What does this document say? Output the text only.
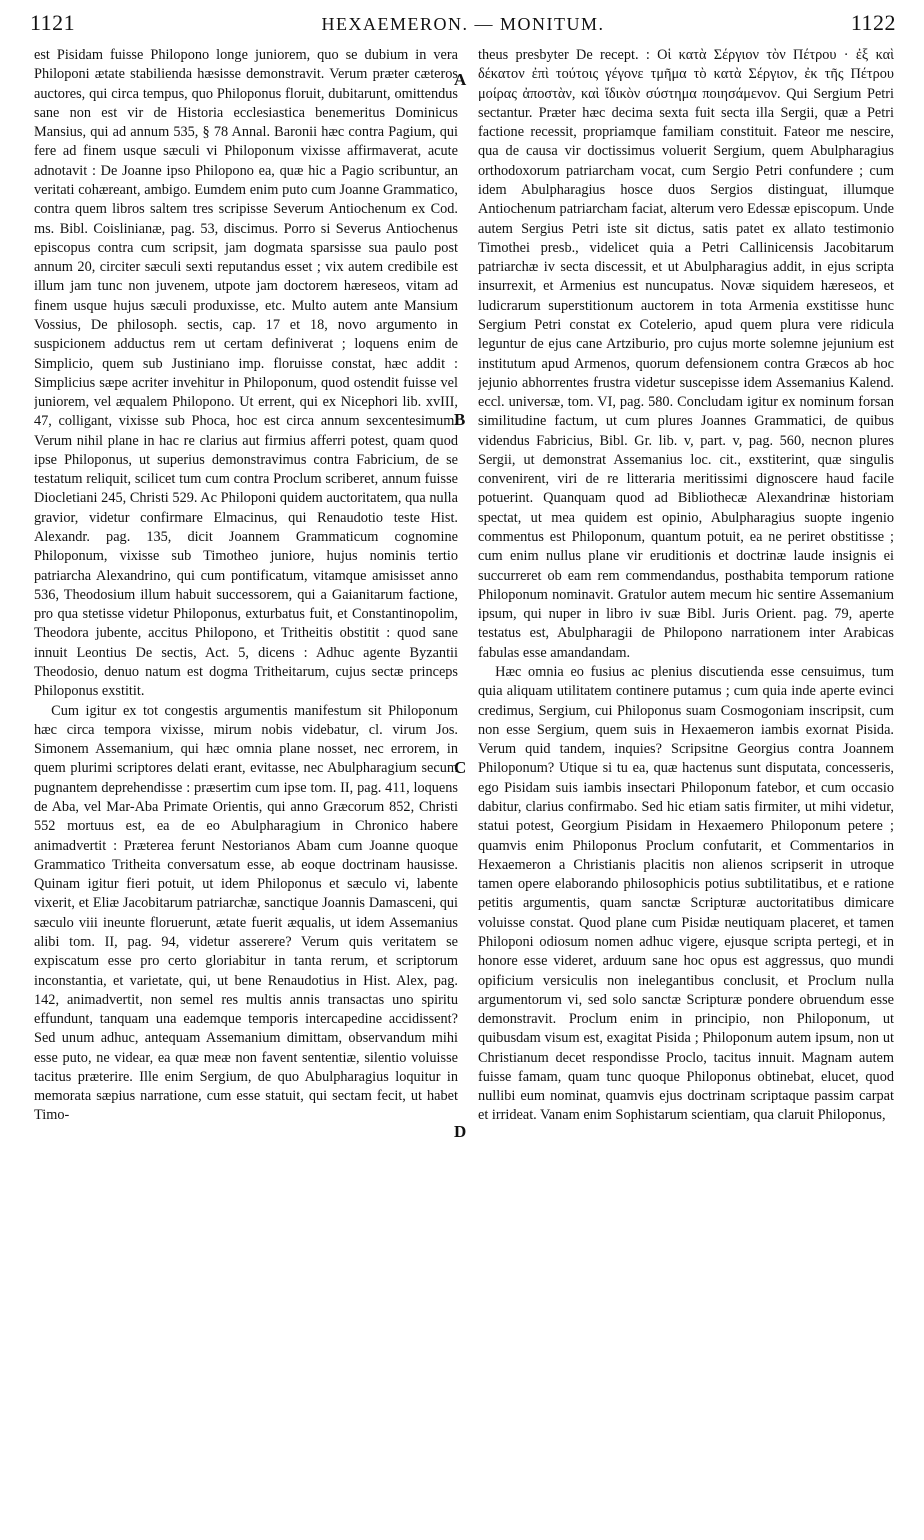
1121	HEXAEMERON. — MONITUM.	1122

est Pisidam fuisse Philopono longe juniorem, quo se dubium in vera Philoponi ætate stabilienda hæsisse demonstravit. Verum præter cæteros auctores, qui circa tempus, quo Philoponus floruit, dubitarunt, omittendus sane non est vir de Historia ecclesiastica benemeritus Dominicus Mansius, qui ad annum 535, § 78 Annal. Baronii hæc contra Pagium, qui fere ad finem usque sæculi vi Philoponum vixisse affirmaverat, acute adnotavit : De Joanne ipso Philopono ea, quæ hic a Pagio scribuntur, an veritati cohæreant, ambigo. Eumdem enim puto cum Joanne Grammatico, contra quem libros saltem tres scripisse Severum Antiochenum ex Cod. ms. Bibl. Coislinianæ, pag. 53, discimus. Porro si Severus Antiochenus episcopus contra cum scripsit, jam dogmata sparsisse sua paulo post annum 20, circiter sæculi sexti reputandus esset ; vix autem credibile est illum jam tunc non juvenem, utpote jam doctorem hæreseos, vitam ad finem usque hujus sæculi produxisse, etc. Multo autem ante Mansium Vossius, De philosoph. sectis, cap. 17 et 18, novo argumento in suspicionem adductus rem ut certam definiverat ; loquens enim de Simplicio, quem sub Justiniano imp. floruisse constat, hæc addit : Simplicius sæpe acriter invehitur in Philoponum, quod ostendit fuisse vel juniorem, vel æqualem Philopono. Ut errent, qui ex Nicephori lib. xvIII, 47, colligant, vixisse sub Phoca, hoc est circa annum sexcentesimum. Verum nihil plane in hac re clarius aut firmius afferri potest, quam quod ipse Philoponus, ut superius demonstravimus contra Fabricium, de se testatum reliquit, scilicet tum cum contra Proclum scriberet, annum fuisse Diocletiani 245, Christi 529. Ac Philoponi quidem auctoritatem, qua nulla gravior, videtur confirmare Elmacinus, qui Renaudotio teste Hist. Alexandr. pag. 135, dicit Joannem Grammaticum cognomine Philoponum, vixisse sub Timotheo juniore, hujus nominis tertio patriarcha Alexandrino, qui cum pontificatum, vitamque amisisset anno 536, Theodosium illum habuit successorem, qui a Gaianitarum factione, pro qua stetisse videtur Philoponus, exturbatus fuit, et Constantinopolim, Theodora jubente, accitus Philopono, et Tritheitis obstitit : quod sane innuit Leontius De sectis, Act. 5, dicens : Adhuc agente Byzantii Theodosio, denuo natum est dogma Tritheitarum, cujus sectæ princeps Philoponus exstitit.

Cum igitur ex tot congestis argumentis manifestum sit Philoponum hæc circa tempora vixisse, mirum nobis videbatur, cl. virum Jos. Simonem Assemanium, qui hæc omnia plane nosset, nec errorem, in quem plurimi scriptores delati erant, evitasse, nec Abulpharagium secum pugnantem deprehendisse : præsertim cum ipse tom. II, pag. 411, loquens de Aba, vel Mar-Aba Primate Orientis, qui anno Græcorum 852, Christi 552 mortuus est, ea de eo Abulpharagium in Chronico habere animadvertit : Præterea ferunt Nestorianos Abam cum Joanne quoque Grammatico Tritheita conversatum esse, ab eoque doctrinam hausisse. Quinam igitur fieri potuit, ut idem Philoponus et sæculo vi, labente vixerit, et Eliæ Jacobitarum patriarchæ, sanctique Joannis Damasceni, qui sæculo viii ineunte floruerunt, ætate fuerit æqualis, ut idem Assemanius alibi tom. II, pag. 94, videtur asserere? Verum quis veritatem se expiscatum esse pro certo gloriabitur in tanta rerum, et scriptorum inconstantia, et varietate, qui, ut bene Renaudotius in Hist. Alex, pag. 142, animadvertit, non semel res multis annis transactas uno spiritu effundunt, tanquam una eademque temporis intercapedine accidissent? Sed unum adhuc, antequam Assemanium dimittam, observandum mihi esse puto, ne videar, ea quæ meæ non favent sententiæ, silentio voluisse tacitus præterire. Ille enim Sergium, de quo Abulpharagius loquitur in memorata sæpius narratione, cum esse statuit, qui sectam fecit, ut habet Timo-

theus presbyter De recept. : Οἱ κατὰ Σέργιον τὸν Πέτρου · ἐξ καὶ δέκατον ἐπὶ τούτοις γέγονε τμῆμα τὸ κατὰ Σέργιον, ἐκ τῆς Πέτρου μοίρας ἀποστὰν, καὶ ἴδικὸν σύστημα ποιησάμενον. Qui Sergium Petri sectantur. Præter hæc decima sexta fuit secta illa Sergii, quæ a Petri factione recessit, propriamque familiam constituit. Fateor me nescire, qua de causa vir doctissimus voluerit Sergium, quem Abulpharagius orthodoxorum patriarcham vocat, cum Sergio Petri confundere ; cum idem Abulpharagius hosce duos Sergios distinguat, illumque Antiochenum patriarcham faciat, alterum vero Edessæ episcopum. Unde autem Sergius Petri iste sit dictus, satis patet ex allato testimonio Timothei presb., videlicet quia a Petri Callinicensis Jacobitarum patriarchæ iv secta discessit, et ut Abulpharagius addit, in ejus scripta insurrexit, et Armenius est nuncupatus. Novæ siquidem hæreseos, et ludicrarum superstitionum auctorem in tota Armenia exstitisse hunc Sergium Petri constat ex Cotelerio, apud quem plura vere ridicula leguntur de ejus cane Artziburio, pro cujus morte solemne jejunium est institutum apud Armenos, quorum defensionem contra Græcos ab hoc jejunio abhorrentes frustra videtur suscepisse idem Assemanius Kalend. eccl. universæ, tom. VI, pag. 580. Concludam igitur ex nominum forsan similitudine factum, ut cum plures Joannes Grammatici, de quibus videndus Fabricius, Bibl. Gr. lib. v, part. v, pag. 560, necnon plures Sergii, ut demonstrat Assemanius loc. cit., exstiterint, quæ singulis convenirent, viri de re litteraria meritissimi dignoscere haud facile potuerint. Quanquam quod ad Bibliothecæ Alexandrinæ historiam spectat, ut mea quidem est opinio, Abulpharagius suopte ingenio commentus est Philoponum, quantum potuit, ea ne periret obstitisse ; cum enim nullus plane vir eruditionis et doctrinæ laude insignis ei succurreret ob eam rem commendandus, posthabita temporum ratione Philoponum nominavit. Gratulor autem mecum hic sentire Assemanium ipsum, qui nuper in libro iv suæ Bibl. Juris Orient. pag. 79, aperte testatus est, Abulpharagii de Philopono narrationem inter Arabicas fabulas esse amandandam.

Hæc omnia eo fusius ac plenius discutienda esse censuimus, tum quia aliquam utilitatem continere putamus ; cum quia inde aperte evinci credimus, Sergium, cui Philoponus suam Cosmogoniam inscripsit, cum non esse Sergium, quem suis in Hexaemeron iambis exornat Pisida. Verum quid tandem, inquies? Scripsitne Georgius contra Joannem Philoponum? Utique si tu ea, quæ hactenus sunt disputata, concesseris, ego Pisidam suis iambis insectari Philoponum fatebor, et cum occasio dabitur, clarius confirmabo. Sed hic etiam satis firmiter, ut mihi videtur, statui potest, Georgium Pisidam in Hexaemero Philoponum petere ; quamvis enim Philoponus Proclum confutarit, et Commentarios in Hexaemeron a Christianis placitis non alienos scripserit in utroque tamen opere elaborando philosophicis potius subtilitatibus, et e ratione petitis argumentis, quam sanctæ Scripturæ auctoritatibus dimicare voluisse constat. Quod plane cum Pisidæ neutiquam placeret, et tamen Philoponi odiosum nomen adhuc vigere, ejusque scripta pertegi, et in honore esse videret, arduum sane hoc opus est aggressus, quo mundi opificium versiculis non inelegantibus conclusit, et Proclum nulla argumentorum vi, sed solo sanctæ Scripturæ pondere obruendum esse demonstravit. Proclum enim in principio, non Philoponum, ut quibusdam visum est, exagitat Pisida ; Philoponum autem ipsum, non ut Christianum decet respondisse Proclo, tacitus innuit. Magnam autem fuisse famam, quam tunc quoque Philoponus obtinebat, elucet, quod nullibi eum nominat, quamvis ejus doctrinam scriptaque passim carpat et irrideat. Vanam enim Sophistarum scientiam, qua claruit Philoponus,

A
B
C
D
